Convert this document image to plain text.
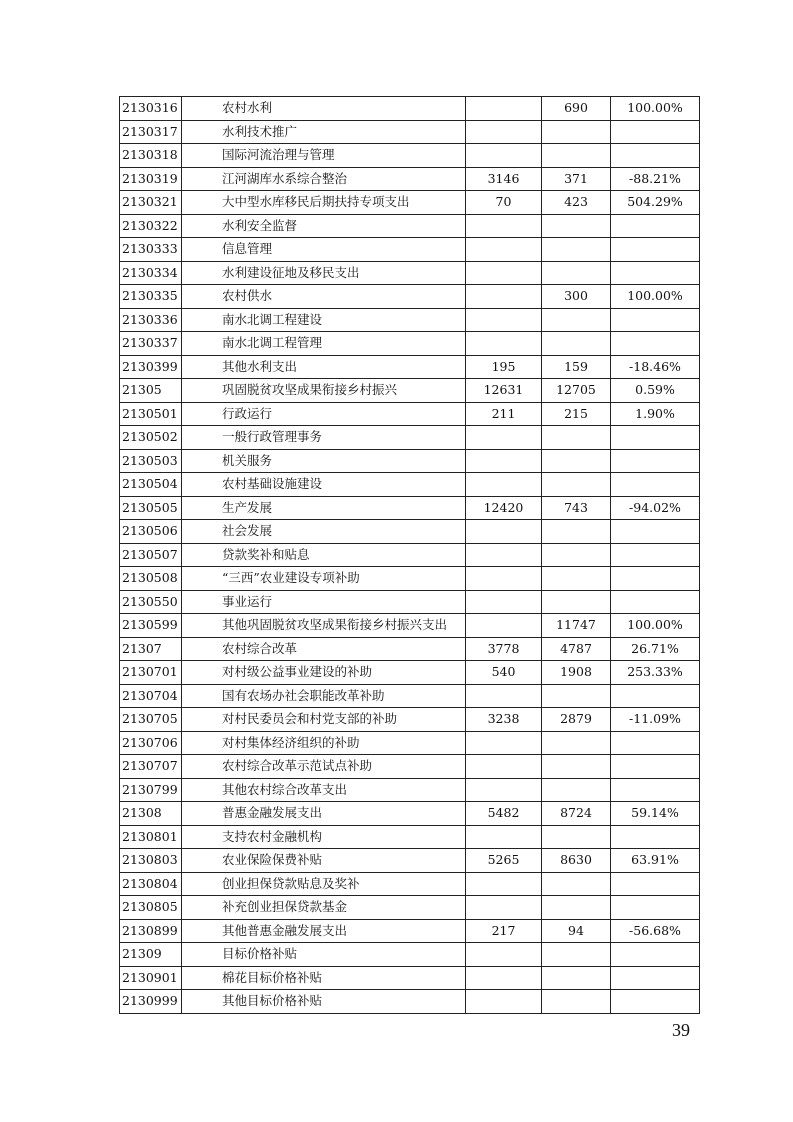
2130316	农村水利		690	100.00%
2130317	水利技术推广			
2130318	国际河流治理与管理			
2130319	江河湖库水系综合整治	3146	371	-88.21%
2130321	大中型水库移民后期扶持专项支出	70	423	504.29%
2130322	水利安全监督			
2130333	信息管理			
2130334	水利建设征地及移民支出			
2130335	农村供水		300	100.00%
2130336	南水北调工程建设			
2130337	南水北调工程管理			
2130399	其他水利支出	195	159	-18.46%
21305	巩固脱贫攻坚成果衔接乡村振兴	12631	12705	0.59%
2130501	行政运行	211	215	1.90%
2130502	一般行政管理事务			
2130503	机关服务			
2130504	农村基础设施建设			
2130505	生产发展	12420	743	-94.02%
2130506	社会发展			
2130507	贷款奖补和贴息			
2130508	“三西”农业建设专项补助			
2130550	事业运行			
2130599	其他巩固脱贫攻坚成果衔接乡村振兴支出		11747	100.00%
21307	农村综合改革	3778	4787	26.71%
2130701	对村级公益事业建设的补助	540	1908	253.33%
2130704	国有农场办社会职能改革补助			
2130705	对村民委员会和村党支部的补助	3238	2879	-11.09%
2130706	对村集体经济组织的补助			
2130707	农村综合改革示范试点补助			
2130799	其他农村综合改革支出			
21308	普惠金融发展支出	5482	8724	59.14%
2130801	支持农村金融机构			
2130803	农业保险保费补贴	5265	8630	63.91%
2130804	创业担保贷款贴息及奖补			
2130805	补充创业担保贷款基金			
2130899	其他普惠金融发展支出	217	94	-56.68%
21309	目标价格补贴			
2130901	棉花目标价格补贴			
2130999	其他目标价格补贴			
39
